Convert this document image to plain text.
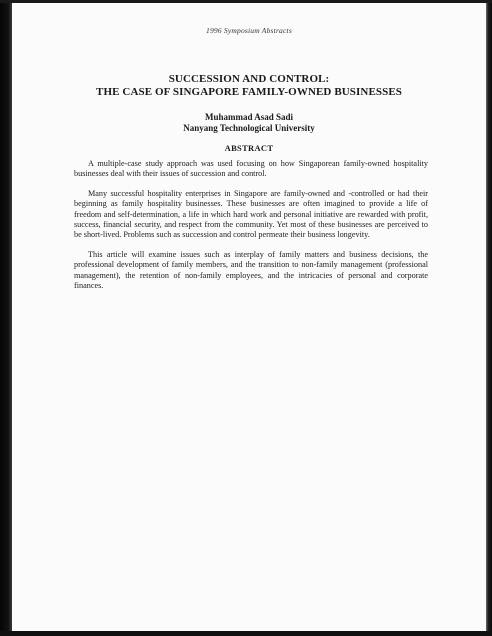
1996 Symposium Abstracts
SUCCESSION AND CONTROL:
THE CASE OF SINGAPORE FAMILY-OWNED BUSINESSES
Muhammad Asad Sadi
Nanyang Technological University
ABSTRACT

A multiple-case study approach was used focusing on how Singaporean family-owned hospitality businesses deal with their issues of succession and control.

Many successful hospitality enterprises in Singapore are family-owned and -controlled or had their beginning as family hospitality businesses. These businesses are often imagined to provide a life of freedom and self-determination, a life in which hard work and personal initiative are rewarded with profit, success, financial security, and respect from the community. Yet most of these businesses are perceived to be short-lived. Problems such as succession and control permeate their business longevity.

This article will examine issues such as interplay of family matters and business decisions, the professional development of family members, and the transition to non-family management (professional management), the retention of non-family employees, and the intricacies of personal and corporate finances.
